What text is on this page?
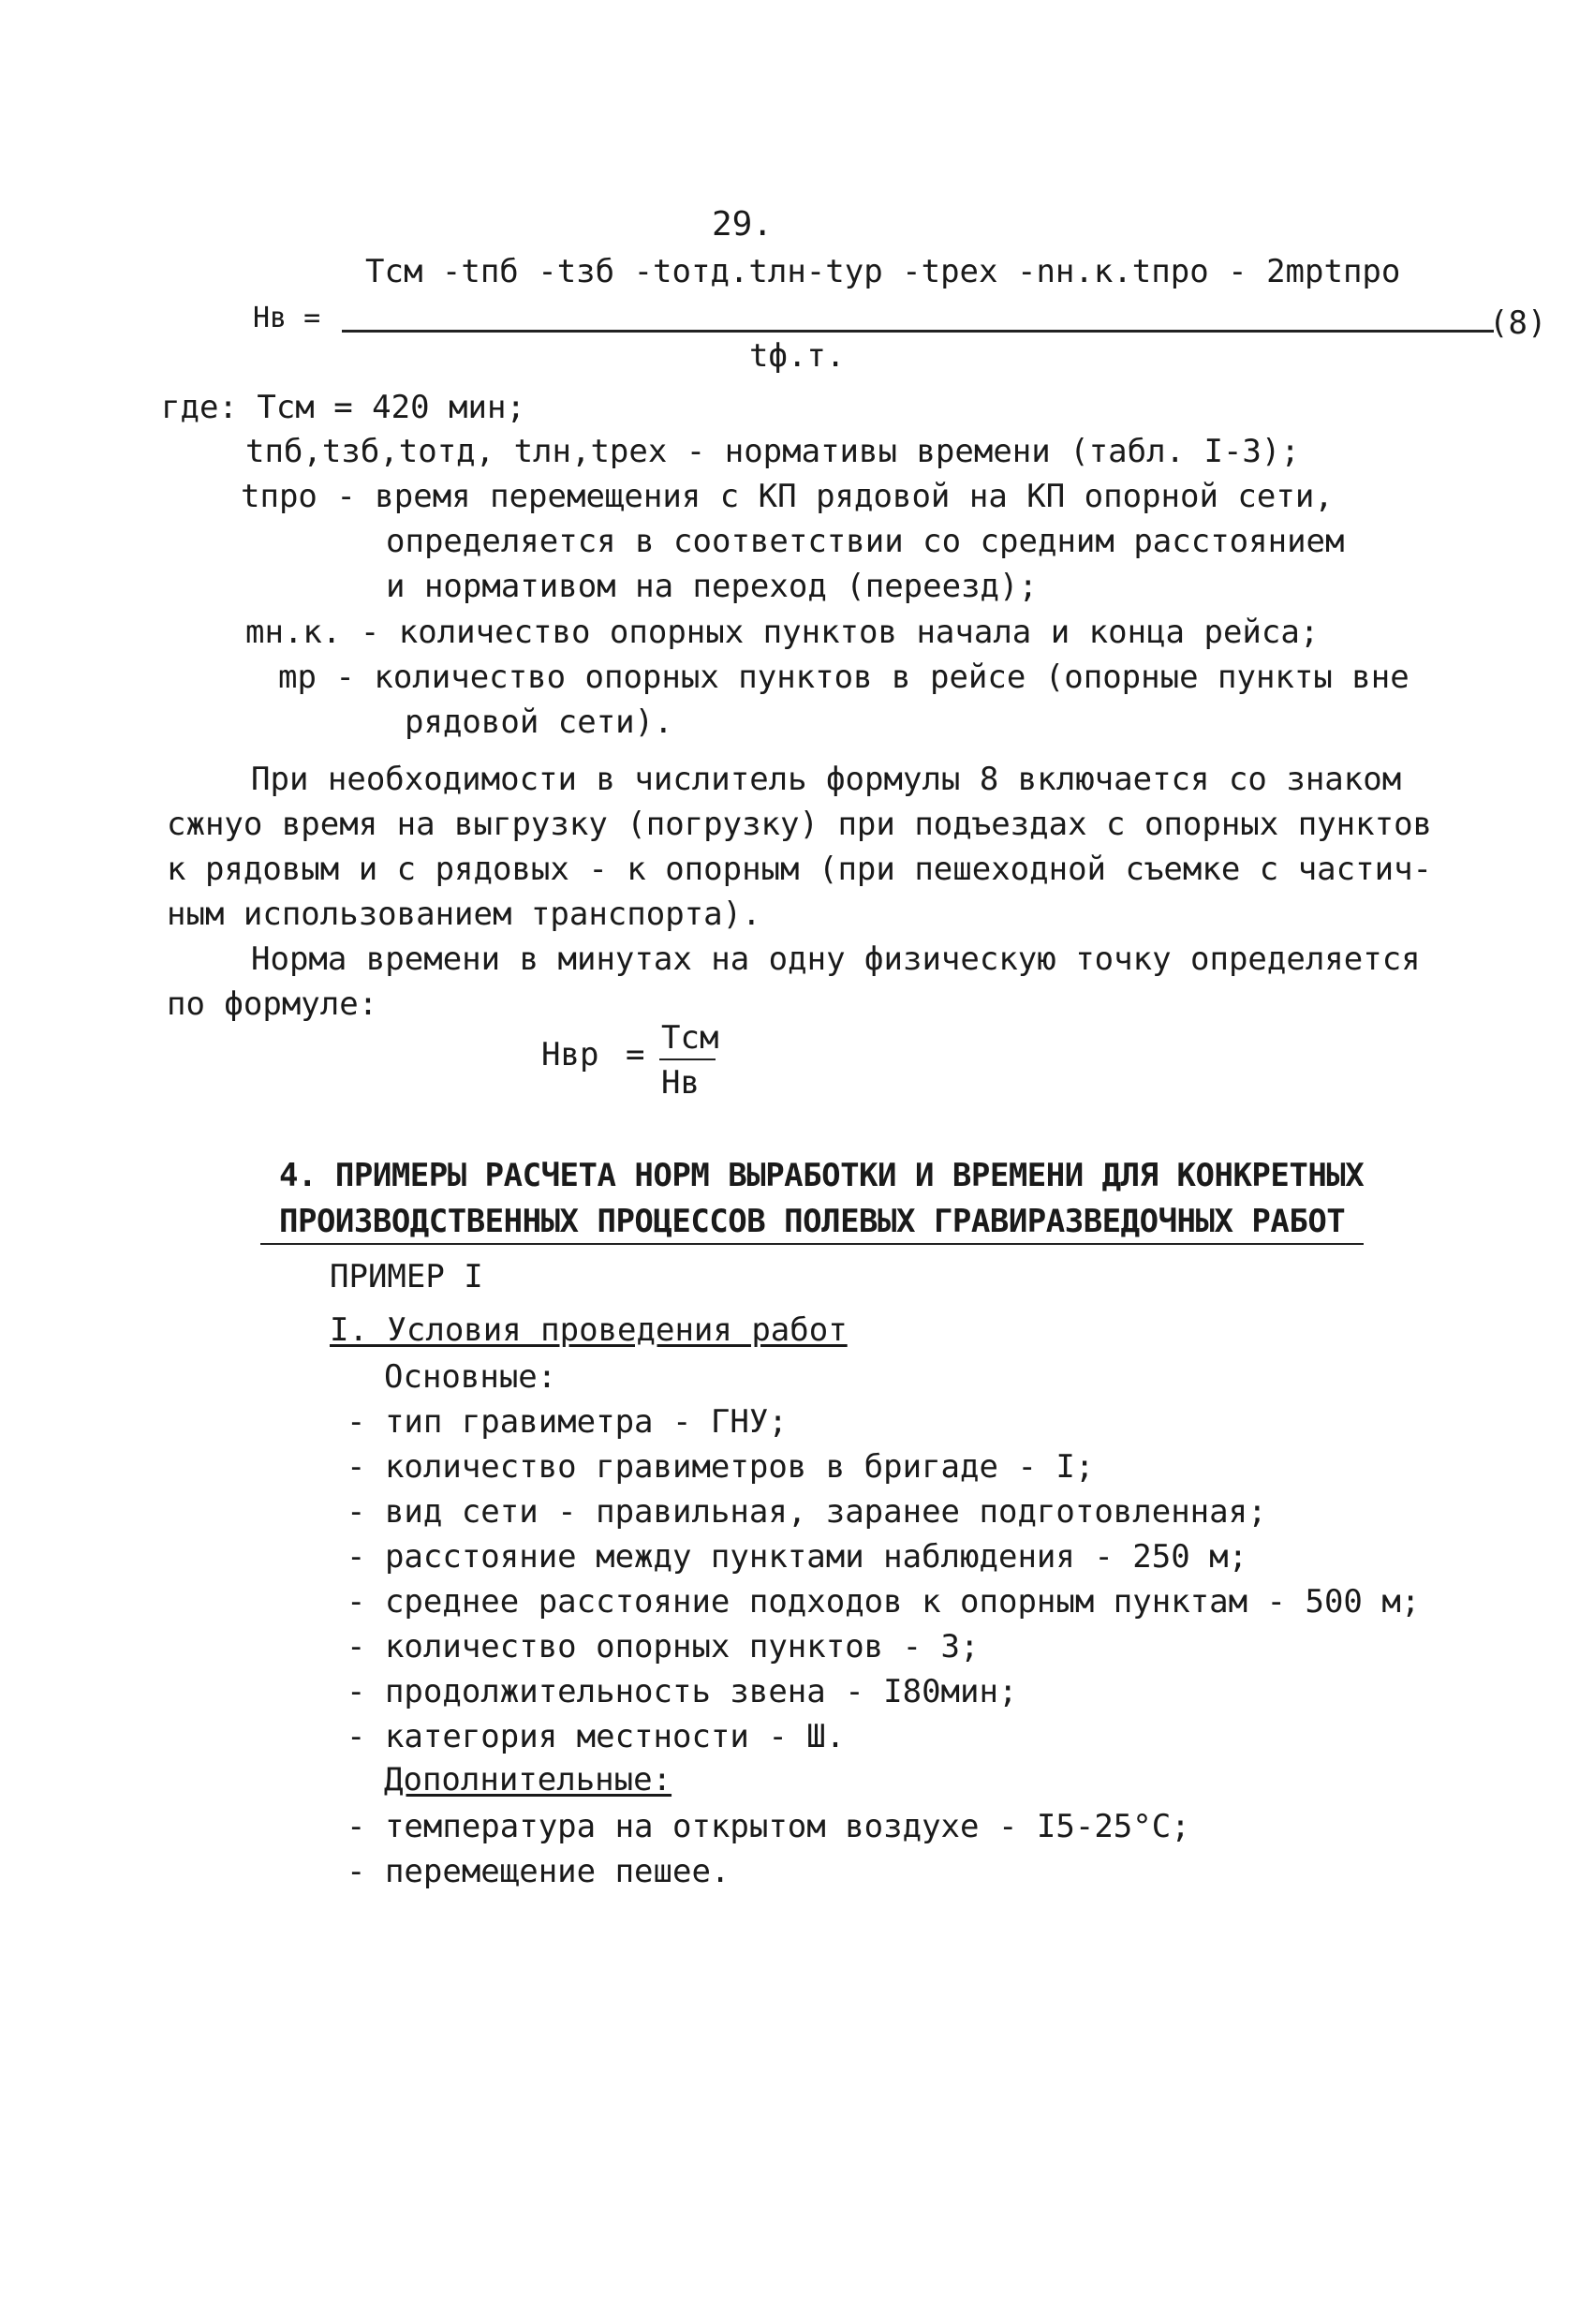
29.
Нв =
Тсм -tпб -tзб -tотд.tлн-tур -tрех -nн.к.tпро - 2mрtпро
tф.т.
(8)
где: Тсм = 420 мин;
tпб,tзб,tотд, tлн,tрех - нормативы времени (табл. I-3);
tпро - время перемещения с КП рядовой на КП опорной сети,
определяется в соответствии со средним расстоянием
и нормативом на переход (переезд);
mн.к. - количество опорных пунктов начала и конца рейса;
mр - количество опорных пунктов в рейсе (опорные пункты вне
рядовой сети).
При необходимости в числитель формулы 8 включается со знаком
сжнуо время на выгрузку (погрузку) при подъездах с опорных пунктов
к рядовым и с рядовых - к опорным (при пешеходной съемке с частич-
ным использованием транспорта).
Норма времени в минутах на одну физическую точку определяется
по формуле:
Нвр = Тсм
Нв
4. ПРИМЕРЫ РАСЧЕТА НОРМ ВЫРАБОТКИ И ВРЕМЕНИ ДЛЯ КОНКРЕТНЫХ
ПРОИЗВОДСТВЕННЫХ ПРОЦЕССОВ ПОЛЕВЫХ ГРАВИРАЗВЕДОЧНЫХ РАБОТ
ПРИМЕР I
I. Условия проведения работ
Основные:
- тип гравиметра - ГНУ;
- количество гравиметров в бригаде - I;
- вид сети - правильная, заранее подготовленная;
- расстояние между пунктами наблюдения - 250 м;
- среднее расстояние подходов к опорным пунктам - 500 м;
- количество опорных пунктов - 3;
- продолжительность звена - I80мин;
- категория местности - Ш.
Дополнительные:
- температура на открытом воздухе - I5-25°C;
- перемещение пешее.
